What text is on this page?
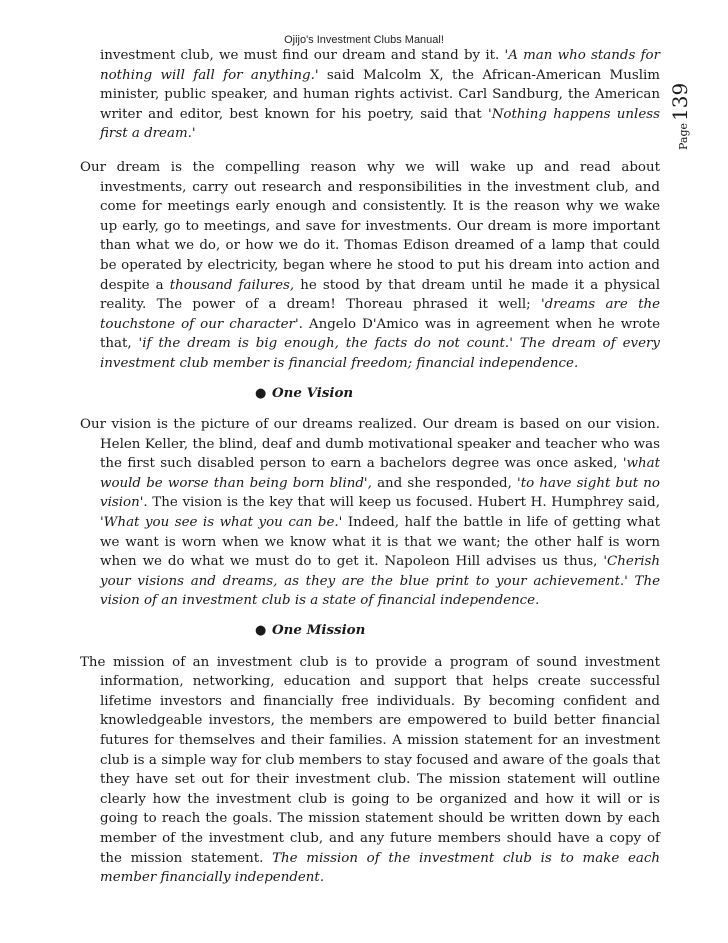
Ojijo's Investment Clubs Manual!
Page
139

investment club, we must find our dream and stand by it. 'A man who stands for nothing will fall for anything.' said Malcolm X, the African-American Muslim minister, public speaker, and human rights activist. Carl Sandburg, the American writer and editor, best known for his poetry, said that 'Nothing happens unless first a dream.'

Our dream is the compelling reason why we will wake up and read about investments, carry out research and responsibilities in the investment club, and come for meetings early enough and consistently. It is the reason why we wake up early, go to meetings, and save for investments. Our dream is more important than what we do, or how we do it. Thomas Edison dreamed of a lamp that could be operated by electricity, began where he stood to put his dream into action and despite a thousand failures, he stood by that dream until he made it a physical reality. The power of a dream! Thoreau phrased it well; 'dreams are the touchstone of our character'. Angelo D'Amico was in agreement when he wrote that, 'if the dream is big enough, the facts do not count.' The dream of every investment club member is financial freedom; financial independence.

● One Vision

Our vision is the picture of our dreams realized. Our dream is based on our vision. Helen Keller, the blind, deaf and dumb motivational speaker and teacher who was the first such disabled person to earn a bachelors degree was once asked, 'what would be worse than being born blind', and she responded, 'to have sight but no vision'. The vision is the key that will keep us focused. Hubert H. Humphrey said, 'What you see is what you can be.' Indeed, half the battle in life of getting what we want is worn when we know what it is that we want; the other half is worn when we do what we must do to get it. Napoleon Hill advises us thus, 'Cherish your visions and dreams, as they are the blue print to your achievement.' The vision of an investment club is a state of financial independence.

● One Mission

The mission of an investment club is to provide a program of sound investment information, networking, education and support that helps create successful lifetime investors and financially free individuals. By becoming confident and knowledgeable investors, the members are empowered to build better financial futures for themselves and their families. A mission statement for an investment club is a simple way for club members to stay focused and aware of the goals that they have set out for their investment club. The mission statement will outline clearly how the investment club is going to be organized and how it will or is going to reach the goals. The mission statement should be written down by each member of the investment club, and any future members should have a copy of the mission statement. The mission of the investment club is to make each member financially independent.
